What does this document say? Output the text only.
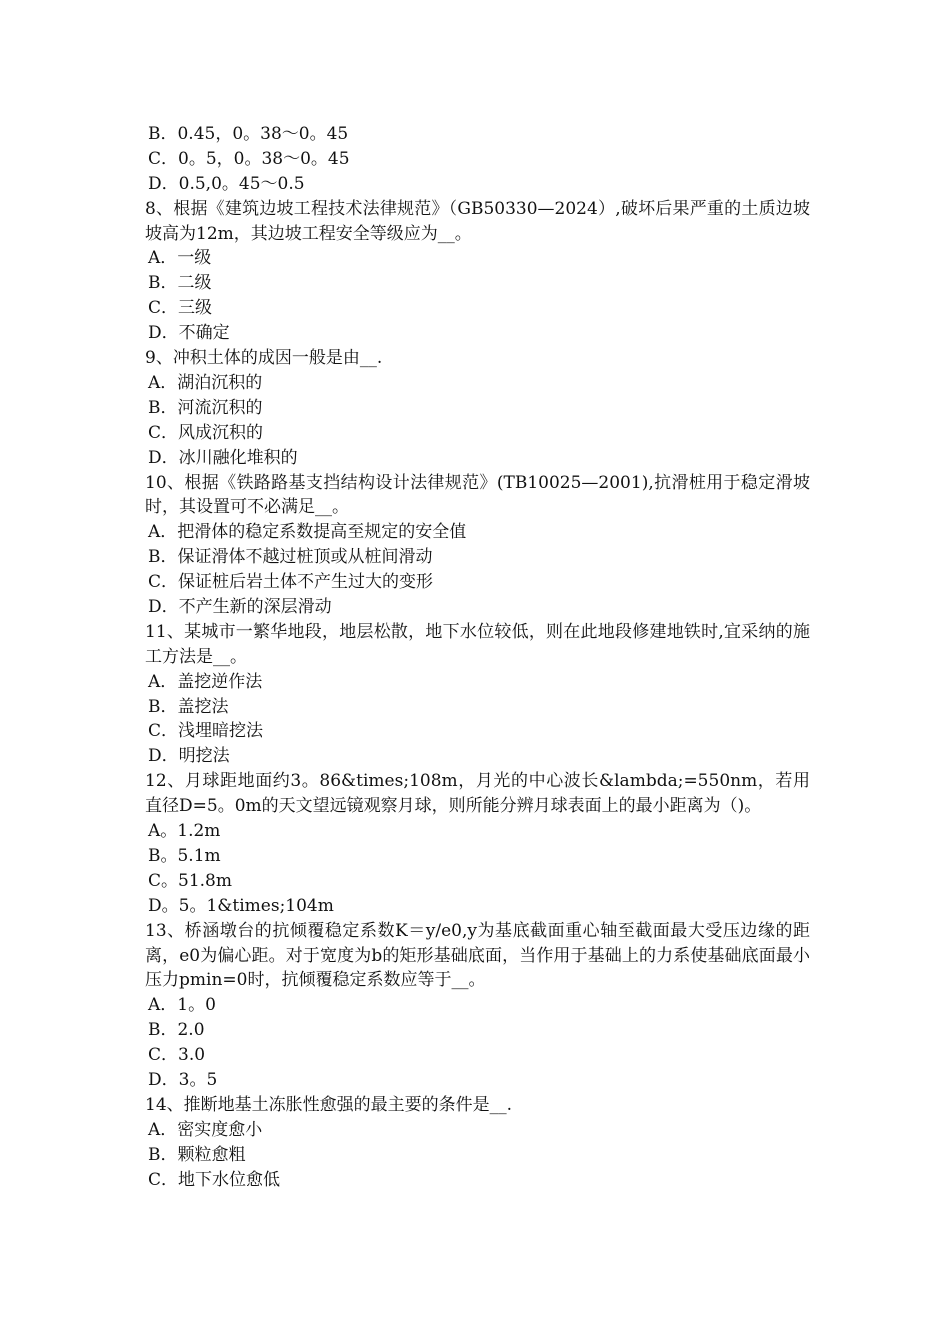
B．0.45，0。38～0。45
C．0。5，0。38～0。45
D．0.5,0。45～0.5

8、根据《建筑边坡工程技术法律规范》（GB50330—2024）,破坏后果严重的土质边坡坡高为12m，其边坡工程安全等级应为__。

A．一级
B．二级
C．三级
D．不确定

9、冲积土体的成因一般是由__.

A．湖泊沉积的
B．河流沉积的
C．风成沉积的
D．冰川融化堆积的

10、根据《铁路路基支挡结构设计法律规范》(TB10025—2001),抗滑桩用于稳定滑坡时，其设置可不必满足__。

A．把滑体的稳定系数提高至规定的安全值
B．保证滑体不越过桩顶或从桩间滑动
C．保证桩后岩土体不产生过大的变形
D．不产生新的深层滑动

11、某城市一繁华地段，地层松散，地下水位较低，则在此地段修建地铁时,宜采纳的施工方法是__。

A．盖挖逆作法
B．盖挖法
C．浅埋暗挖法
D．明挖法

12、月球距地面约3。86&times;108m，月光的中心波长&lambda;=550nm，若用直径D=5。0m的天文望远镜观察月球，则所能分辨月球表面上的最小距离为（)。

A。1.2m
B。5.1m
C。51.8m
D。5。1&times;104m

13、桥涵墩台的抗倾覆稳定系数K＝y/e0,y为基底截面重心轴至截面最大受压边缘的距离，e0为偏心距。对于宽度为b的矩形基础底面，当作用于基础上的力系使基础底面最小压力pmin=0时，抗倾覆稳定系数应等于__。

A．1。0
B．2.0
C．3.0
D．3。5

14、推断地基土冻胀性愈强的最主要的条件是__.

A．密实度愈小
B．颗粒愈粗
C．地下水位愈低
